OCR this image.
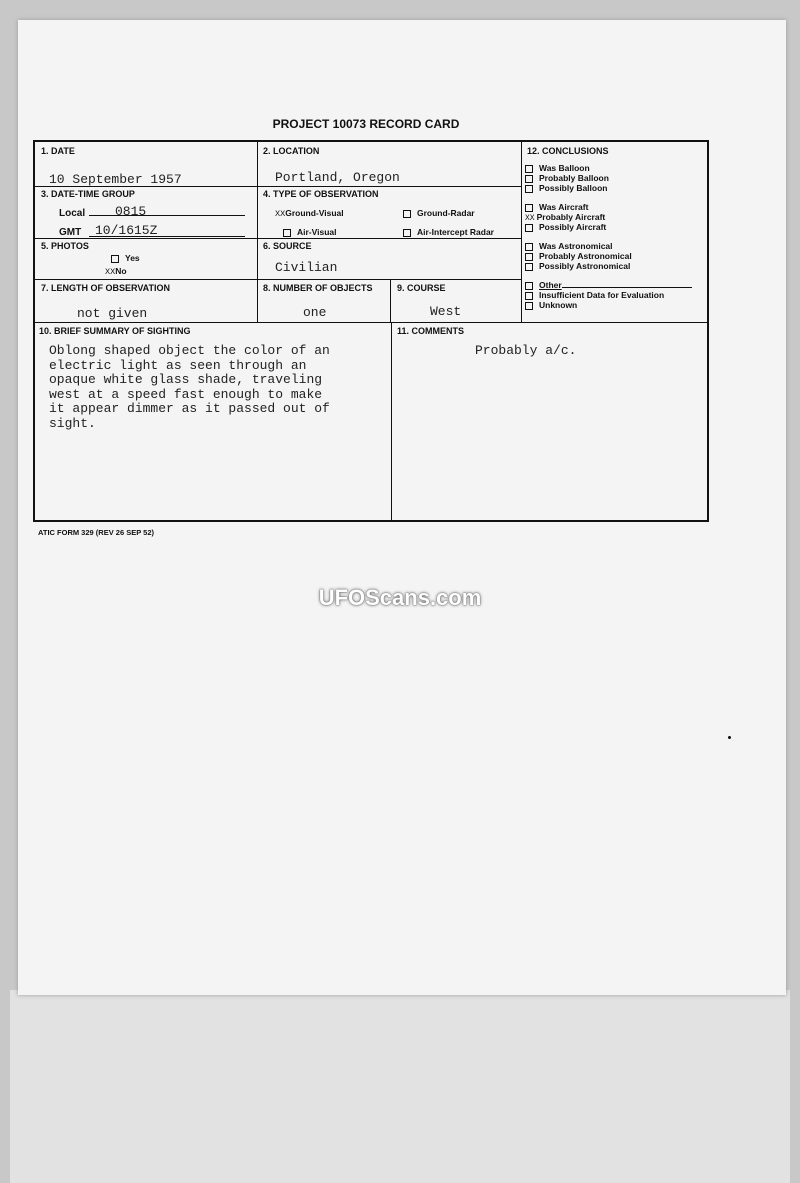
PROJECT 10073 RECORD CARD
1. DATE
10 September 1957
2. LOCATION
Portland, Oregon
3. DATE-TIME GROUP
Local 0815
GMT 10/1615Z
4. TYPE OF OBSERVATION
XXGround-Visual	Ground-Radar
Air-Visual	Air-Intercept Radar
5. PHOTOS
Yes
XXNo
6. SOURCE
Civilian
7. LENGTH OF OBSERVATION
not given
8. NUMBER OF OBJECTS
one
9. COURSE
West
10. BRIEF SUMMARY OF SIGHTING
Oblong shaped object the color of an
electric light as seen through an
opaque white glass shade, traveling
west at a speed fast enough to make
it appear dimmer as it passed out of
sight.
11. COMMENTS
Probably a/c.
12. CONCLUSIONS
Was Balloon
Probably Balloon
Possibly Balloon
Was Aircraft
XX Probably Aircraft
Possibly Aircraft
Was Astronomical
Probably Astronomical
Possibly Astronomical
Other
Insufficient Data for Evaluation
Unknown
ATIC FORM 329 (REV 26 SEP 52)
UFOScans.com
